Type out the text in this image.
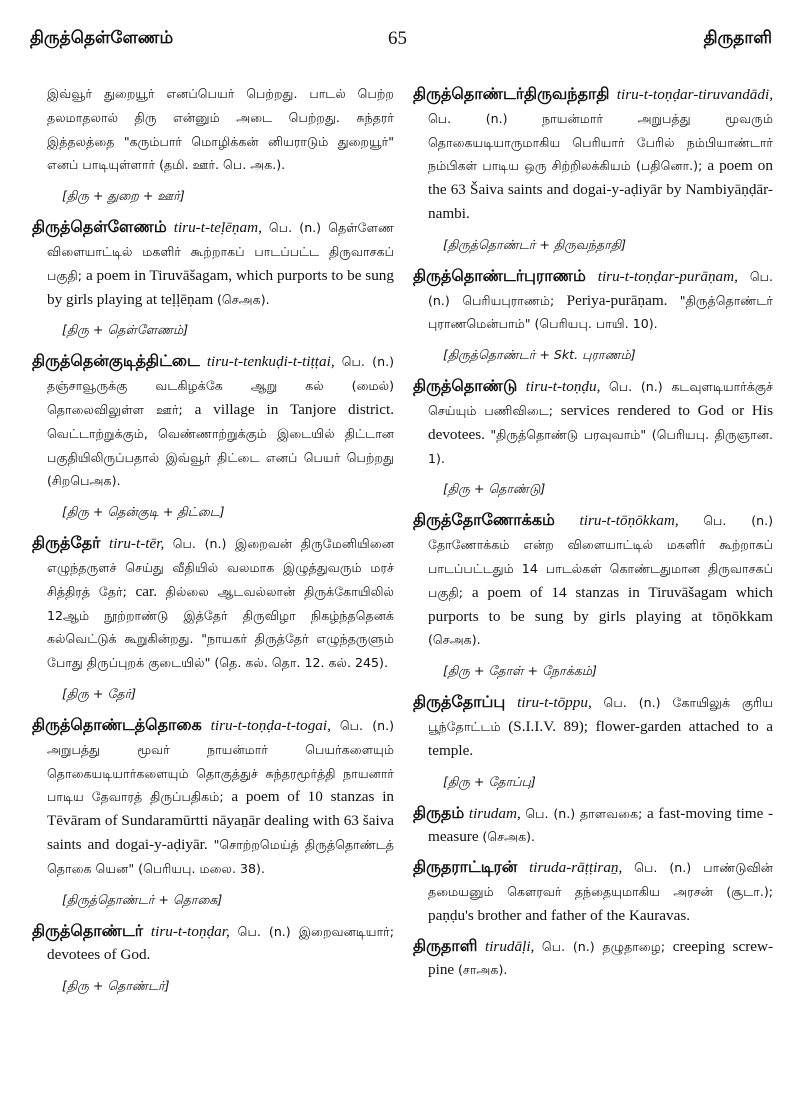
திருத்தெள்ளேணம்	65	திருதாளி
இவ்வூர் துறையூர் எனப்பெயர் பெற்றது. பாடல் பெற்ற தலமாதலால் திரு என்னும் அடை பெற்றது. சுந்தரர் இத்தலத்தை "கரும்பார் மொழிக்கன் னியராடும் துறையூர்" எனப் பாடியுள்ளார் (தமி. ஊர். பெ. அக.).
[திரு + துறை + ஊர்]
திருத்தெள்ளேணம் tiru-t-teḷēṇam, பெ. (n.) தெள்ளேண விளையாட்டில் மகளிர் கூற்றாகப் பாடப்பட்ட திருவாசகப் பகுதி; a poem in Tiruvāšagam, which purports to be sung by girls playing at teḷḷēṇam (செஅக).
[திரு + தெள்ளேணம்]
திருத்தென்குடித்திட்டை tiru-t-tenkuḍi-t-tiṭṭai, பெ. (n.) தஞ்சாவூருக்கு வடகிழக்கே ஆறு கல் (மைல்) தொலைவிலுள்ள ஊர்; a village in Tanjore district. வெட்டாற்றுக்கும், வெண்ணாற்றுக்கும் இடையில் திட்டான பகுதியிலிருப்பதால் இவ்வூர் திட்டை எனப் பெயர் பெற்றது (சிறபெஅக).
[திரு + தென்குடி + திட்டை]
திருத்தேர் tiru-t-tēr, பெ. (n.) இறைவன் திருமேனியினை எழுந்தருளச் செய்து வீதியில் வலமாக இழுத்துவரும் மரச் சித்திரத் தேர்; car. தில்லை ஆடவல்லான் திருக்கோயிலில் 12ஆம் நூற்றாண்டு இத்தேர் திருவிழா நிகழ்ந்ததெனக் கல்வெட்டுக் கூறுகின்றது. "நாயகர் திருத்தேர் எழுந்தருளும் போது திருப்புறக் குடையில்" (தெ. கல். தொ. 12. கல். 245).
[திரு + தேர்]
திருத்தொண்டத்தொகை tiru-t-toṇḍa-t-togai, பெ. (n.) அறுபத்து மூவர் நாயன்மார் பெயர்களையும் தொகையடியார்களையும் தொகுத்துச் சுந்தரமூர்த்தி நாயனார் பாடிய தேவாரத் திருப்பதிகம்; a poem of 10 stanzas in Tēvāram of Sundaramūrtti nāyaṉār dealing with 63 šaiva saints and dogai-y-aḍiyār. "சொற்றமெய்த் திருத்தொண்டத் தொகை யென" (பெரியபு. மலை. 38).
[திருத்தொண்டர் + தொகை]
திருத்தொண்டர் tiru-t-toṇḍar, பெ. (n.) இறைவனடியார்; devotees of God.
[திரு + தொண்டர்]
திருத்தொண்டர்திருவந்தாதி tiru-t-toṇḍar-tiruvandādi, பெ. (n.) நாயன்மார் அறுபத்து மூவரும் தொகையடியாருமாகிய பெரியார் பேரில் நம்பியாண்டார் நம்பிகள் பாடிய ஒரு சிற்றிலக்கியம் (பதினொ.); a poem on the 63 Šaiva saints and dogai-y-aḍiyār by Nambiyāṇḍār-nambi.
[திருத்தொண்டர் + திருவந்தாதி]
திருத்தொண்டர்புராணம் tiru-t-toṇḍar-purāṇam, பெ. (n.) பெரியபுராணம்; Periya-purāṇam. "திருத்தொண்டர் புராணமென்பாம்" (பெரியபு. பாயி. 10).
[திருத்தொண்டர் + Skt. புராணம்]
திருத்தொண்டு tiru-t-toṇḍu, பெ. (n.) கடவுளடியார்க்குச் செய்யும் பணிவிடை; services rendered to God or His devotees. "திருத்தொண்டு பரவுவாம்" (பெரியபு. திருஞான. 1).
[திரு + தொண்டு]
திருத்தோணோக்கம் tiru-t-tōṇōkkam, பெ. (n.) தோணோக்கம் என்ற விளையாட்டில் மகளிர் கூற்றாகப் பாடப்பட்டதும் 14 பாடல்கள் கொண்டதுமான திருவாசகப் பகுதி; a poem of 14 stanzas in Tiruvāšagam which purports to be sung by girls playing at tōṇōkkam (செஅக).
[திரு + தோள் + நோக்கம்]
திருத்தோப்பு tiru-t-tōppu, பெ. (n.) கோயிலுக் குரிய பூந்தோட்டம் (S.I.I.V. 89); flower-garden attached to a temple.
[திரு + தோப்பு]
திருதம் tirudam, பெ. (n.) தாளவகை; a fast-moving time - measure (செஅக).
திருதராட்டிரன் tiruda-rāṭṭiraṉ, பெ. (n.) பாண்டுவின் தமையனும் கௌரவர் தந்தையுமாகிய அரசன் (சூடா.); paṇḍu's brother and father of the Kauravas.
திருதாளி tirudāḷi, பெ. (n.) தழுதாழை; creeping screw-pine (சாஅக).
